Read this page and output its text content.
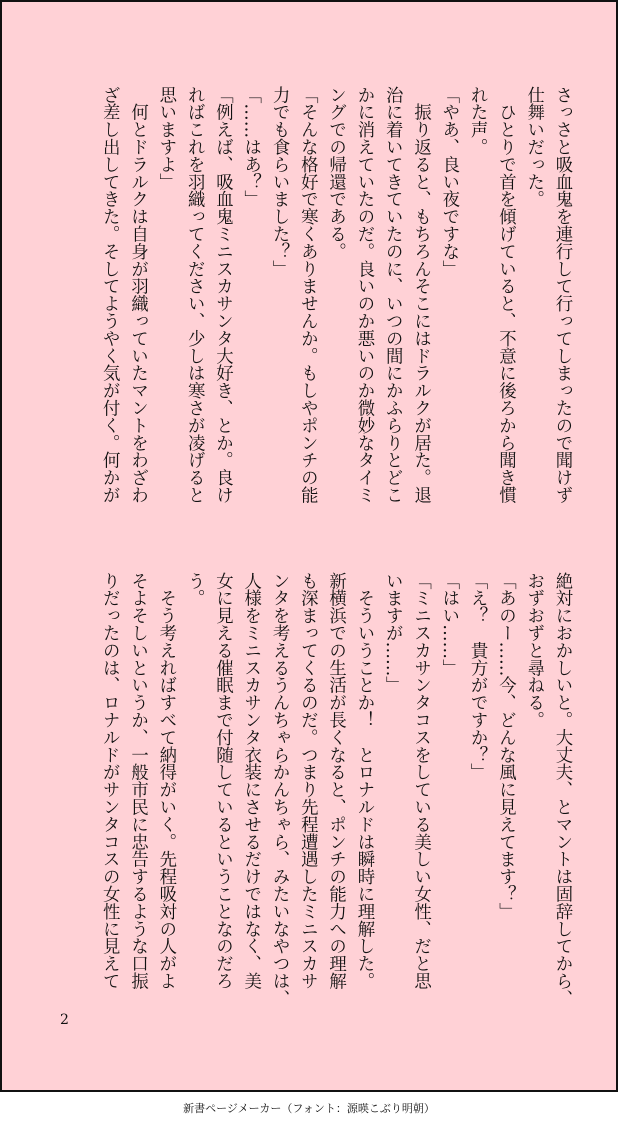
さっさと吸血鬼を連行して行ってしまったので聞けず
仕舞いだった。
　ひとりで首を傾げていると、不意に後ろから聞き慣
れた声。
「やあ、良い夜ですな」
　振り返ると、もちろんそこにはドラルクが居た。退
治に着いてきていたのに、いつの間にかふらりとどこ
かに消えていたのだ。良いのか悪いのか微妙なタイミ
ングでの帰還である。
「そんな格好で寒くありませんか。もしやポンチの能
力でも食らいました？」
「……はあ？」
「例えば、吸血鬼ミニスカサンタ大好き、とか。良け
ればこれを羽織ってください、少しは寒さが凌げると
思いますよ」
　何とドラルクは自身が羽織っていたマントをわざわ
ざ差し出してきた。そしてようやく気が付く。何かが
絶対におかしいと。大丈夫、とマントは固辞してから、
おずおずと尋ねる。
「あのー……今、どんな風に見えてます？」
「え？　貴方がですか？」
「はい……」
「ミニスカサンタコスをしている美しい女性、だと思
いますが……」
　そういうことか！　とロナルドは瞬時に理解した。
新横浜での生活が長くなると、ポンチの能力への理解
も深まってくるのだ。つまり先程遭遇したミニスカサ
ンタを考えるうんちゃらかんちゃら、みたいなやつは、
人様をミニスカサンタ衣装にさせるだけではなく、美
女に見える催眠まで付随しているということなのだろ
う。
　そう考えればすべて納得がいく。先程吸対の人がよ
そよそしいというか、一般市民に忠告するような口振
りだったのは、ロナルドがサンタコスの女性に見えて
2
新書ページメーカー（フォント：源暎こぶり明朝）
